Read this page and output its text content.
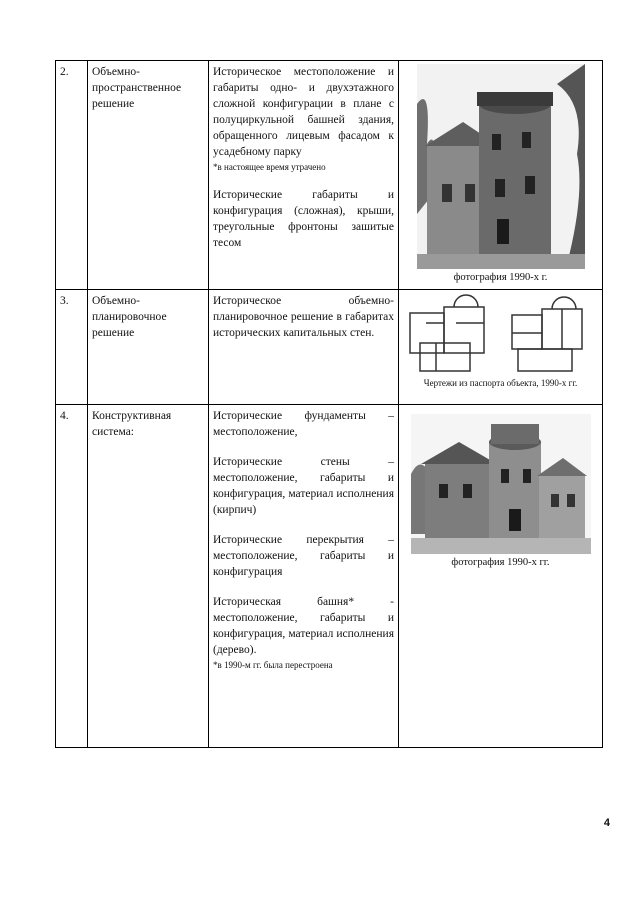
2.	Объемно-пространственное решение	Историческое местоположение и габариты одно- и двухэтажного сложной конфигурации в плане с полуциркульной башней здания, обращенного лицевым фасадом к усадебному парку
*в настоящее время утрачено
Исторические габариты и конфигурация (сложная), крыши, треугольные фронтоны зашитые тесом	фотография 1990-х г.

3.	Объемно-планировочное решение	Историческое объемно-планировочное решение в габаритах исторических капитальных стен.	Чертежи из паспорта объекта, 1990-х гг.

4.	Конструктивная система:	Исторические фундаменты – местоположение,
Исторические стены – местоположение, габариты и конфигурация, материал исполнения (кирпич)
Исторические перекрытия – местоположение, габариты и конфигурация
Историческая башня* - местоположение, габариты и конфигурация, материал исполнения (дерево).
*в 1990-м гг. была перестроена	фотография 1990-х гг.
4
